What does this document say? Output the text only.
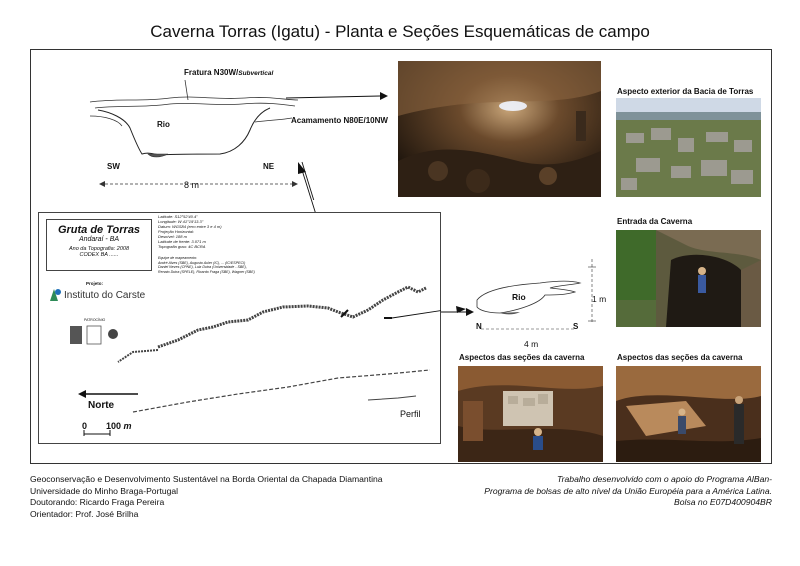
Caverna Torras (Igatu) - Planta e Seções Esquemáticas de campo
Fratura N30W/Subvertical
Rio	Acamamento N80E/10NW
SW	NE
8 m
Aspecto exterior da Bacia de Torras
Entrada da Caverna
Aspectos das seções da caverna	Aspectos das seções da caverna
Rio
N	S
4 m
1 m
Gruta de Torras
Andaraí - BA
Ano da Topografia: 2008
CODEX BA ......
Latitude: S12°52'40.4"
Longitude: W 41°19'13.3"
Datum: WGS84 (erro entre 3 e 4 m)
Projeção Horizontal:
Desnível: 188 m
Latitude de frente: 3.071 m
Topografia grau: 4C BCRA
Equipe de mapeamento:
André Alves (SBE), Augusto Auler (IC), ... (IC/ESPECI)
Daniel Neves (CPNE), Luiz Dutra (Universidade - SBE),
Renato Dutra (SPELE), Ricardo Fraga (SBE), Wagner (SBE)
Projeto:
Instituto do Carste
PATROCÍNIO
Norte
0 100 m
Perfil
Geoconservação e Desenvolvimento Sustentável na Borda Oriental da Chapada Diamantina
Universidade do Minho Braga-Portugal
Doutorando: Ricardo Fraga Pereira
Orientador: Prof. José Brilha
Trabalho desenvolvido com o apoio do Programa AlBan-
Programa de bolsas de alto nível da União Européia para a América Latina.
Bolsa no E07D400904BR
